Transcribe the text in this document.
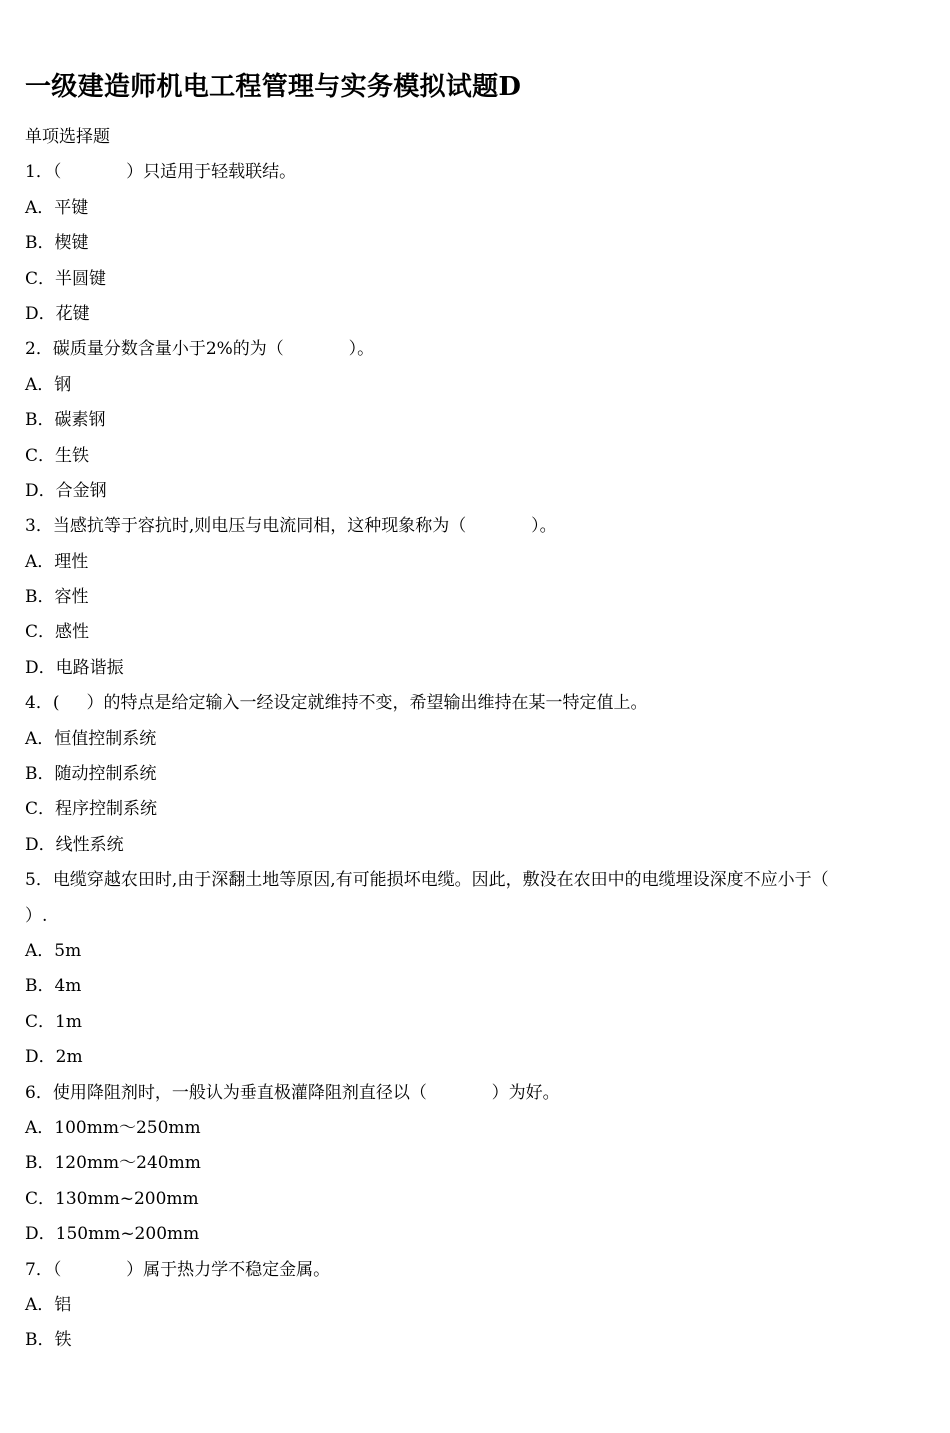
一级建造师机电工程管理与实务模拟试题D
单项选择题
1．（            ）只适用于轻载联结。
A．平键
B．楔键
C．半圆键
D．花键
2．碳质量分数含量小于2%的为（            ）。
A．钢
B．碳素钢
C．生铁
D．合金钢
3．当感抗等于容抗时,则电压与电流同相，这种现象称为（            ）。
A．理性
B．容性
C．感性
D．电路谐振
4．(     ）的特点是给定输入一经设定就维持不变，希望输出维持在某一特定值上。
A．恒值控制系统
B．随动控制系统
C．程序控制系统
D．线性系统
5．电缆穿越农田时,由于深翻土地等原因,有可能损坏电缆。因此，敷没在农田中的电缆埋设深度不应小于（
）.
A．5m
B．4m
C．1m
D．2m
6．使用降阻剂时，一般认为垂直极灌降阻剂直径以（            ）为好。
A．100mm～250mm
B．120mm～240mm
C．130mm~200mm
D．150mm~200mm
7．（            ）属于热力学不稳定金属。
A．铝
B．铁
